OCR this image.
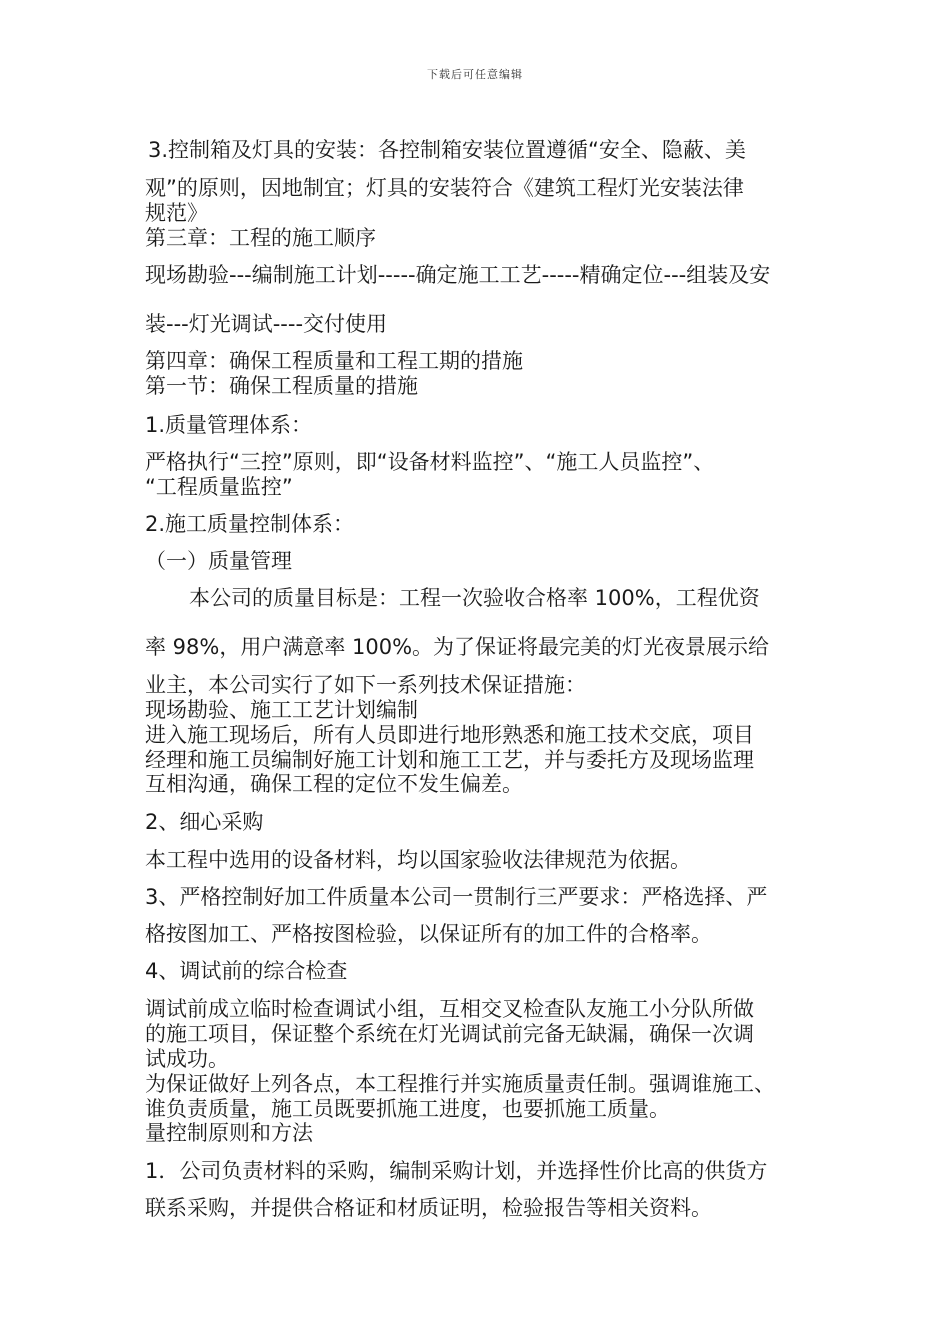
下载后可任意编辑
3.控制箱及灯具的安装：各控制箱安装位置遵循“安全、隐蔽、美
观”的原则，因地制宜；灯具的安装符合《建筑工程灯光安装法律
规范》
第三章：工程的施工顺序
现场勘验---编制施工计划-----确定施工工艺-----精确定位---组装及安
装---灯光调试----交付使用
第四章：确保工程质量和工程工期的措施
第一节：确保工程质量的措施
1.质量管理体系：
严格执行“三控”原则，即“设备材料监控”、“施工人员监控”、
“工程质量监控”
2.施工质量控制体系：
（一）质量管理
本公司的质量目标是：工程一次验收合格率 100%，工程优资
率 98%，用户满意率 100%。为了保证将最完美的灯光夜景展示给
业主，本公司实行了如下一系列技术保证措施：
现场勘验、施工工艺计划编制
进入施工现场后，所有人员即进行地形熟悉和施工技术交底，项目
经理和施工员编制好施工计划和施工工艺，并与委托方及现场监理
互相沟通，确保工程的定位不发生偏差。
2、细心采购
本工程中选用的设备材料，均以国家验收法律规范为依据。
3、严格控制好加工件质量本公司一贯制行三严要求：严格选择、严
格按图加工、严格按图检验，以保证所有的加工件的合格率。
4、调试前的综合检查
调试前成立临时检查调试小组，互相交叉检查队友施工小分队所做
的施工项目，保证整个系统在灯光调试前完备无缺漏，确保一次调
试成功。
为保证做好上列各点，本工程推行并实施质量责任制。强调谁施工、
谁负责质量，施工员既要抓施工进度，也要抓施工质量。
量控制原则和方法
1．公司负责材料的采购，编制采购计划，并选择性价比高的供货方
联系采购，并提供合格证和材质证明，检验报告等相关资料。
